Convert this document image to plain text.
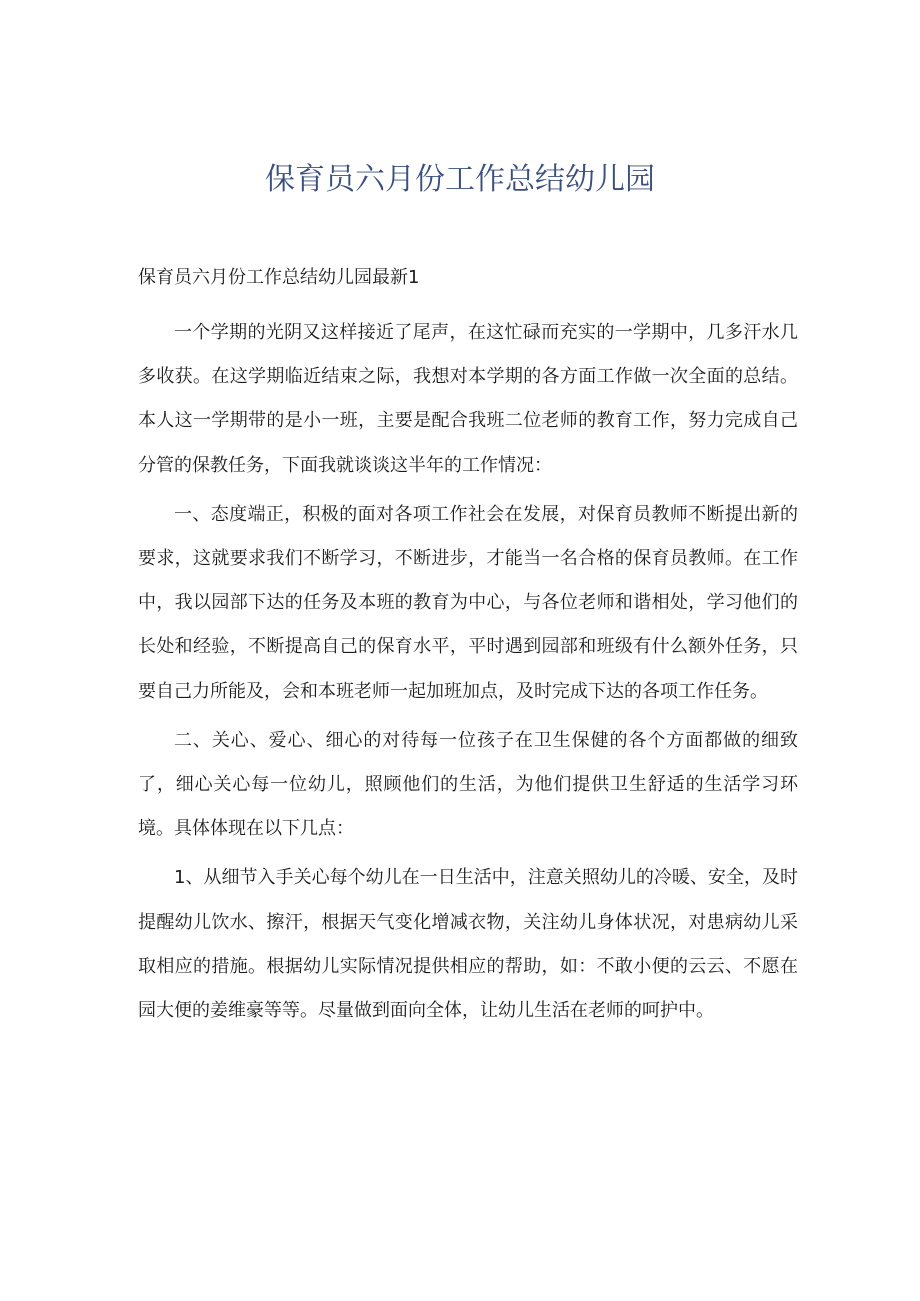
保育员六月份工作总结幼儿园

保育员六月份工作总结幼儿园最新1

一个学期的光阴又这样接近了尾声，在这忙碌而充实的一学期中，几多汗水几多收获。在这学期临近结束之际，我想对本学期的各方面工作做一次全面的总结。本人这一学期带的是小一班，主要是配合我班二位老师的教育工作，努力完成自己分管的保教任务，下面我就谈谈这半年的工作情况：

一、态度端正，积极的面对各项工作社会在发展，对保育员教师不断提出新的要求，这就要求我们不断学习，不断进步，才能当一名合格的保育员教师。在工作中，我以园部下达的任务及本班的教育为中心，与各位老师和谐相处，学习他们的长处和经验，不断提高自己的保育水平，平时遇到园部和班级有什么额外任务，只要自己力所能及，会和本班老师一起加班加点，及时完成下达的各项工作任务。

二、关心、爱心、细心的对待每一位孩子在卫生保健的各个方面都做的细致了，细心关心每一位幼儿，照顾他们的生活，为他们提供卫生舒适的生活学习环境。具体体现在以下几点：

1、从细节入手关心每个幼儿在一日生活中，注意关照幼儿的冷暖、安全，及时提醒幼儿饮水、擦汗，根据天气变化增减衣物，关注幼儿身体状况，对患病幼儿采取相应的措施。根据幼儿实际情况提供相应的帮助，如：不敢小便的云云、不愿在园大便的姜维豪等等。尽量做到面向全体，让幼儿生活在老师的呵护中。
